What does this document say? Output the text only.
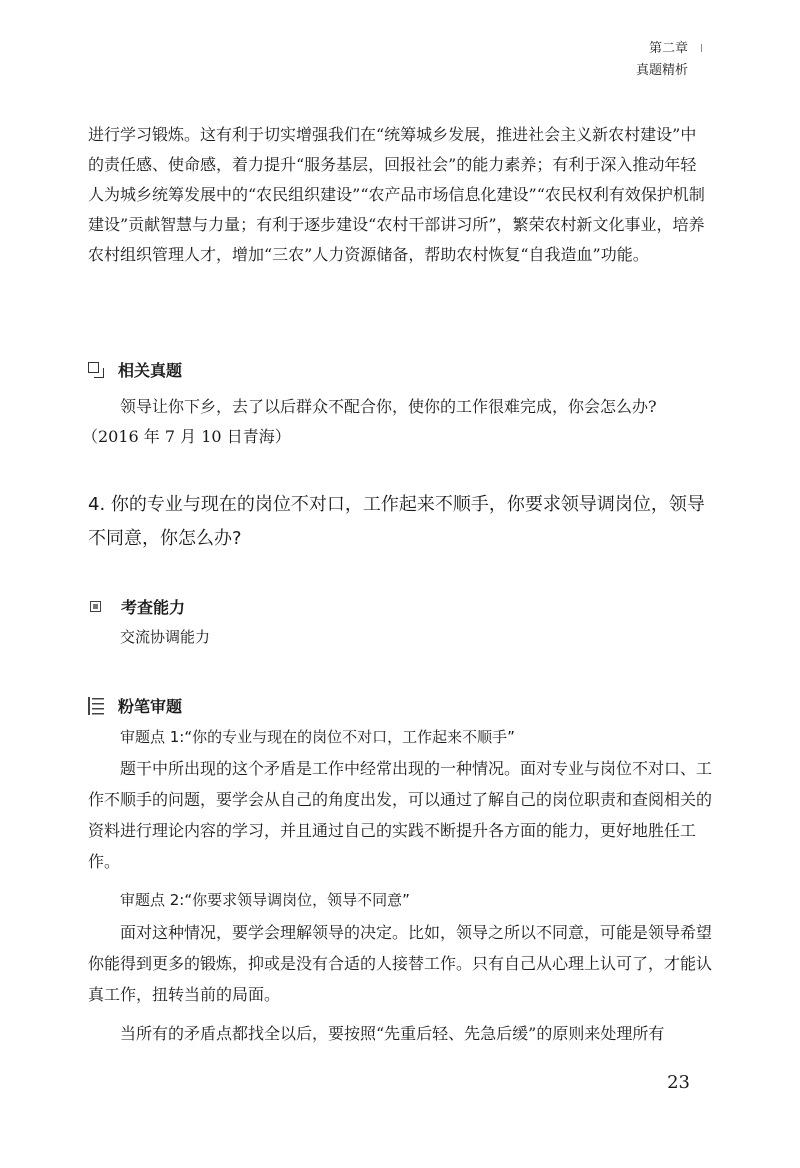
第二章
真题精析

进行学习锻炼。这有利于切实增强我们在“统筹城乡发展，推进社会主义新农村建设”中的责任感、使命感，着力提升“服务基层，回报社会”的能力素养；有利于深入推动年轻人为城乡统筹发展中的“农民组织建设”“农产品市场信息化建设”“农民权利有效保护机制建设”贡献智慧与力量；有利于逐步建设“农村干部讲习所”，繁荣农村新文化事业，培养农村组织管理人才，增加“三农”人力资源储备，帮助农村恢复“自我造血”功能。

相关真题

领导让你下乡，去了以后群众不配合你，使你的工作很难完成，你会怎么办?

（2016 年 7 月 10 日青海）

4. 你的专业与现在的岗位不对口，工作起来不顺手，你要求领导调岗位，领导不同意，你怎么办?

考查能力

交流协调能力

粉笔审题

审题点 1:“你的专业与现在的岗位不对口，工作起来不顺手”

题干中所出现的这个矛盾是工作中经常出现的一种情况。面对专业与岗位不对口、工作不顺手的问题，要学会从自己的角度出发，可以通过了解自己的岗位职责和查阅相关的资料进行理论内容的学习，并且通过自己的实践不断提升各方面的能力，更好地胜任工作。

审题点 2:“你要求领导调岗位，领导不同意”

面对这种情况，要学会理解领导的决定。比如，领导之所以不同意，可能是领导希望你能得到更多的锻炼，抑或是没有合适的人接替工作。只有自己从心理上认可了，才能认真工作，扭转当前的局面。

当所有的矛盾点都找全以后，要按照“先重后轻、先急后缓”的原则来处理所有

23
